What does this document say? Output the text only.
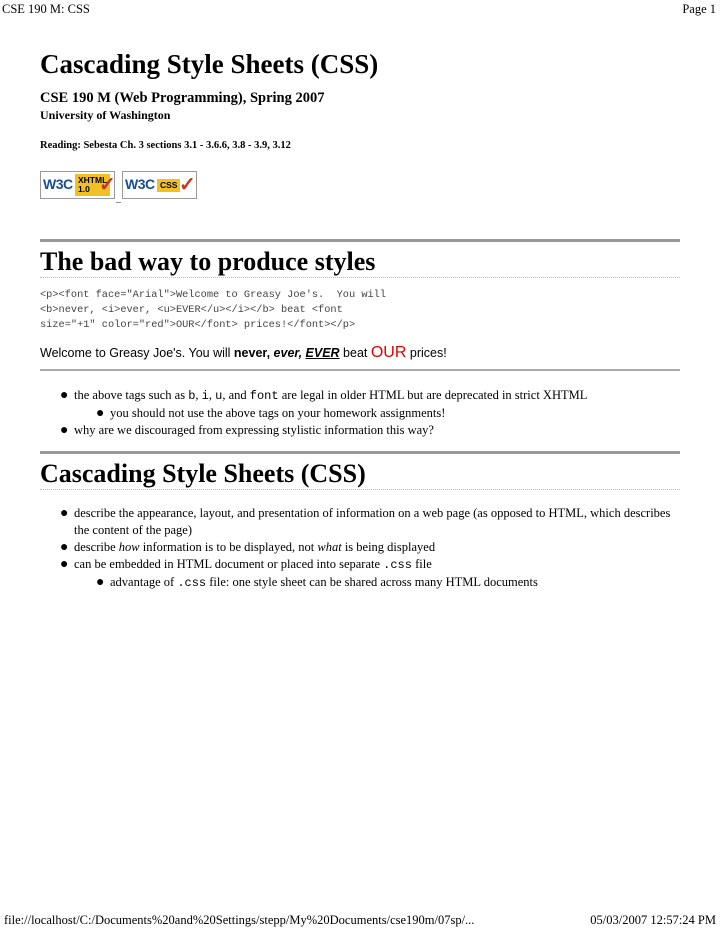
CSE 190 M: CSS	Page 1
Cascading Style Sheets (CSS)
CSE 190 M (Web Programming), Spring 2007
University of Washington
Reading: Sebesta Ch. 3 sections 3.1 - 3.6.6, 3.8 - 3.9, 3.12
W3C XHTML
1.0 ✓
_
W3C CSS ✓
The bad way to produce styles
<p><font face="Arial">Welcome to Greasy Joe's.  You will
<b>never, <i>ever, <u>EVER</u></i></b> beat <font
size="+1" color="red">OUR</font> prices!</font></p>
Welcome to Greasy Joe's. You will never, ever, EVER beat OUR prices!
● the above tags such as b, i, u, and font are legal in older HTML but are deprecated in strict XHTML
● you should not use the above tags on your homework assignments!
● why are we discouraged from expressing stylistic information this way?
Cascading Style Sheets (CSS)
● describe the appearance, layout, and presentation of information on a web page (as opposed to HTML, which describes the content of the page)
● describe how information is to be displayed, not what is being displayed
● can be embedded in HTML document or placed into separate .css file
● advantage of .css file: one style sheet can be shared across many HTML documents
file://localhost/C:/Documents%20and%20Settings/stepp/My%20Documents/cse190m/07sp/...	05/03/2007 12:57:24 PM
